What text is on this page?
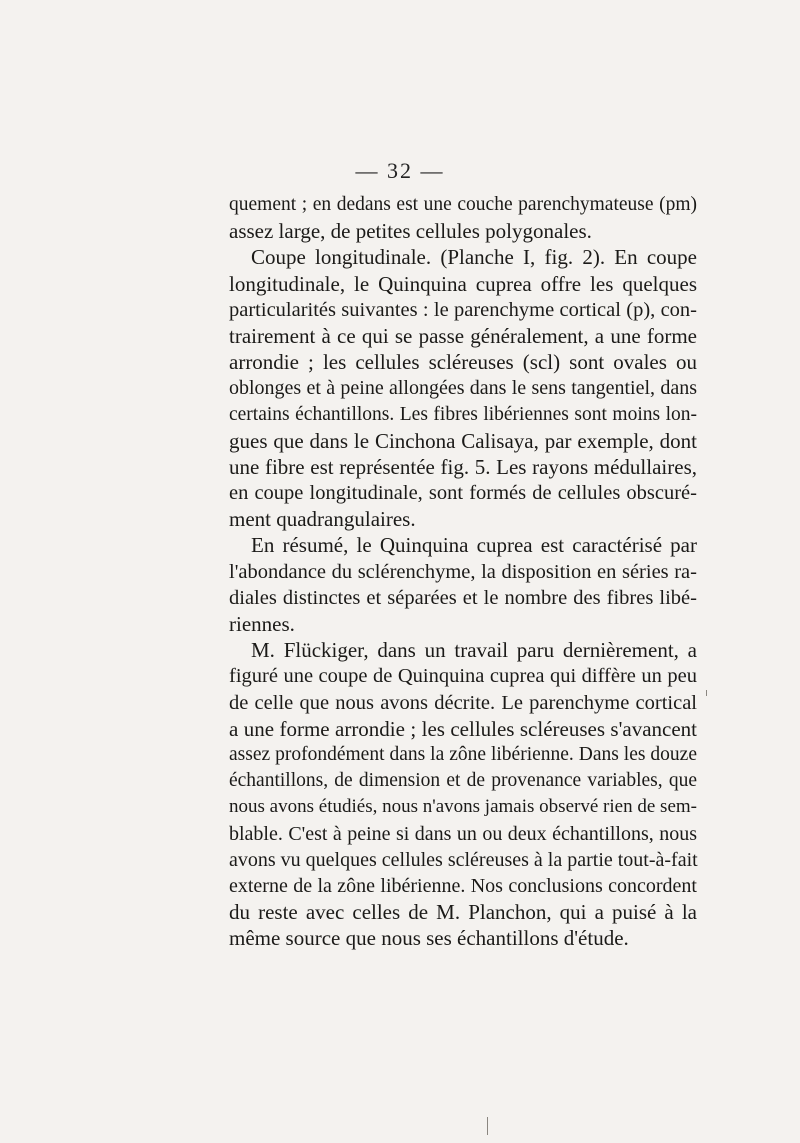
— 32 —
quement ; en dedans est une couche parenchymateuse (pm)
assez large, de petites cellules polygonales.
Coupe longitudinale. (Planche I, fig. 2). En coupe
longitudinale, le Quinquina cuprea offre les quelques
particularités suivantes : le parenchyme cortical (p), con-
trairement à ce qui se passe généralement, a une forme
arrondie ; les cellules scléreuses (scl) sont ovales ou
oblonges et à peine allongées dans le sens tangentiel, dans
certains échantillons. Les fibres libériennes sont moins lon-
gues que dans le Cinchona Calisaya, par exemple, dont
une fibre est représentée fig. 5. Les rayons médullaires,
en coupe longitudinale, sont formés de cellules obscuré-
ment quadrangulaires.
En résumé, le Quinquina cuprea est caractérisé par
l'abondance du sclérenchyme, la disposition en séries ra-
diales distinctes et séparées et le nombre des fibres libé-
riennes.
M. Flückiger, dans un travail paru dernièrement, a
figuré une coupe de Quinquina cuprea qui diffère un peu
de celle que nous avons décrite. Le parenchyme cortical
a une forme arrondie ; les cellules scléreuses s'avancent
assez profondément dans la zône libérienne. Dans les douze
échantillons, de dimension et de provenance variables, que
nous avons étudiés, nous n'avons jamais observé rien de sem-
blable. C'est à peine si dans un ou deux échantillons, nous
avons vu quelques cellules scléreuses à la partie tout-à-fait
externe de la zône libérienne. Nos conclusions concordent
du reste avec celles de M. Planchon, qui a puisé à la
même source que nous ses échantillons d'étude.
